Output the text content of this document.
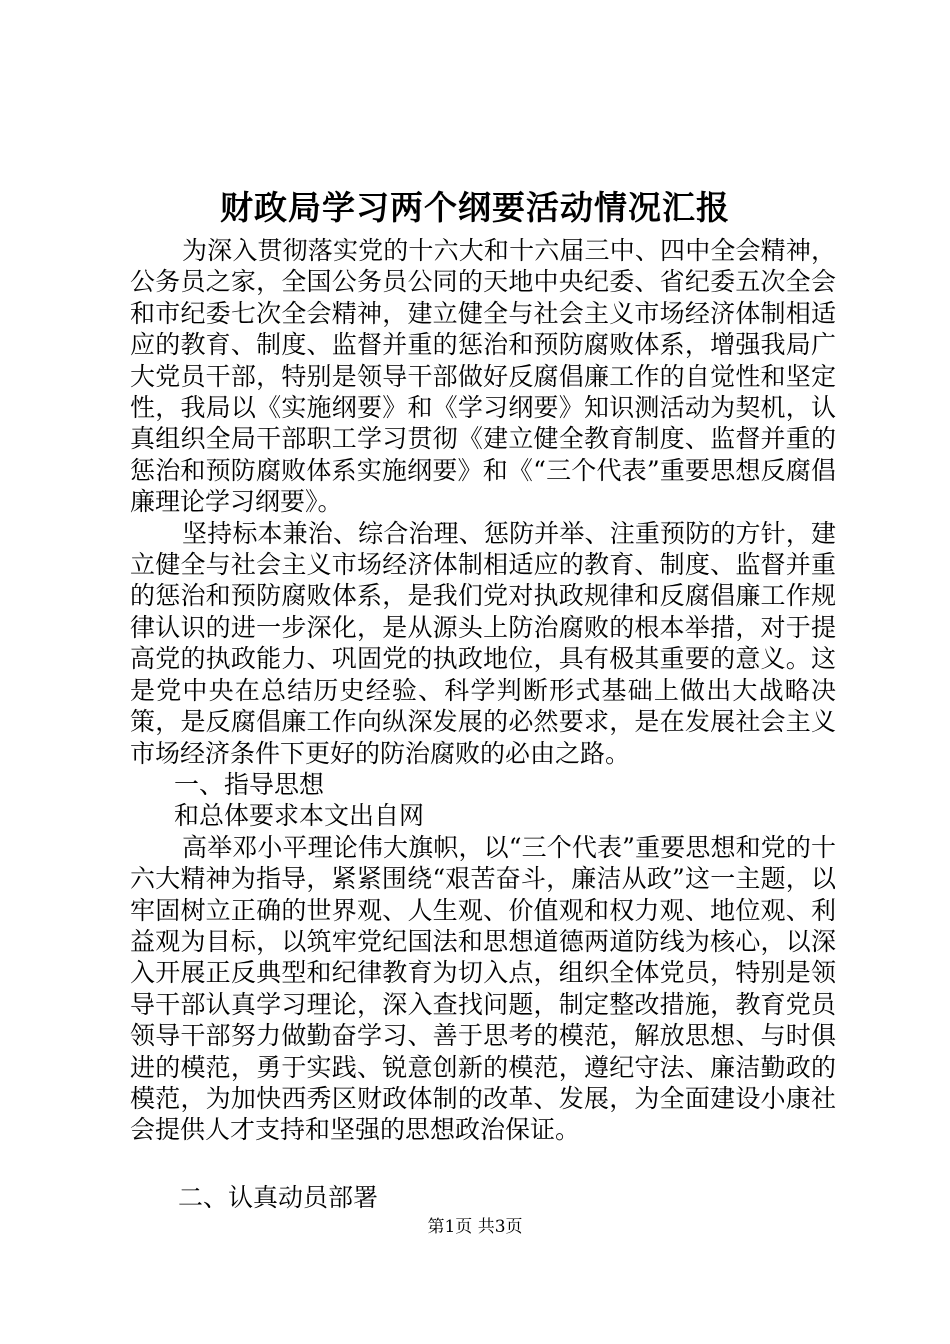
财政局学习两个纲要活动情况汇报

为深入贯彻落实党的十六大和十六届三中、四中全会精神，公务员之家，全国公务员公同的天地中央纪委、省纪委五次全会和市纪委七次全会精神，建立健全与社会主义市场经济体制相适应的教育、制度、监督并重的惩治和预防腐败体系，增强我局广大党员干部，特别是领导干部做好反腐倡廉工作的自觉性和坚定性，我局以《实施纲要》和《学习纲要》知识测活动为契机，认真组织全局干部职工学习贯彻《建立健全教育制度、监督并重的惩治和预防腐败体系实施纲要》和《“三个代表”重要思想反腐倡廉理论学习纲要》。

坚持标本兼治、综合治理、惩防并举、注重预防的方针，建立健全与社会主义市场经济体制相适应的教育、制度、监督并重的惩治和预防腐败体系，是我们党对执政规律和反腐倡廉工作规律认识的进一步深化，是从源头上防治腐败的根本举措，对于提高党的执政能力、巩固党的执政地位，具有极其重要的意义。这是党中央在总结历史经验、科学判断形式基础上做出大战略决策，是反腐倡廉工作向纵深发展的必然要求，是在发展社会主义市场经济条件下更好的防治腐败的必由之路。

一、指导思想

和总体要求本文出自网

高举邓小平理论伟大旗帜，以“三个代表”重要思想和党的十六大精神为指导，紧紧围绕“艰苦奋斗，廉洁从政”这一主题，以牢固树立正确的世界观、人生观、价值观和权力观、地位观、利益观为目标，以筑牢党纪国法和思想道德两道防线为核心，以深入开展正反典型和纪律教育为切入点，组织全体党员，特别是领导干部认真学习理论，深入查找问题，制定整改措施，教育党员领导干部努力做勤奋学习、善于思考的模范，解放思想、与时俱进的模范，勇于实践、锐意创新的模范，遵纪守法、廉洁勤政的模范，为加快西秀区财政体制的改革、发展，为全面建设小康社会提供人才支持和坚强的思想政治保证。

二、认真动员部署

第1页 共3页
